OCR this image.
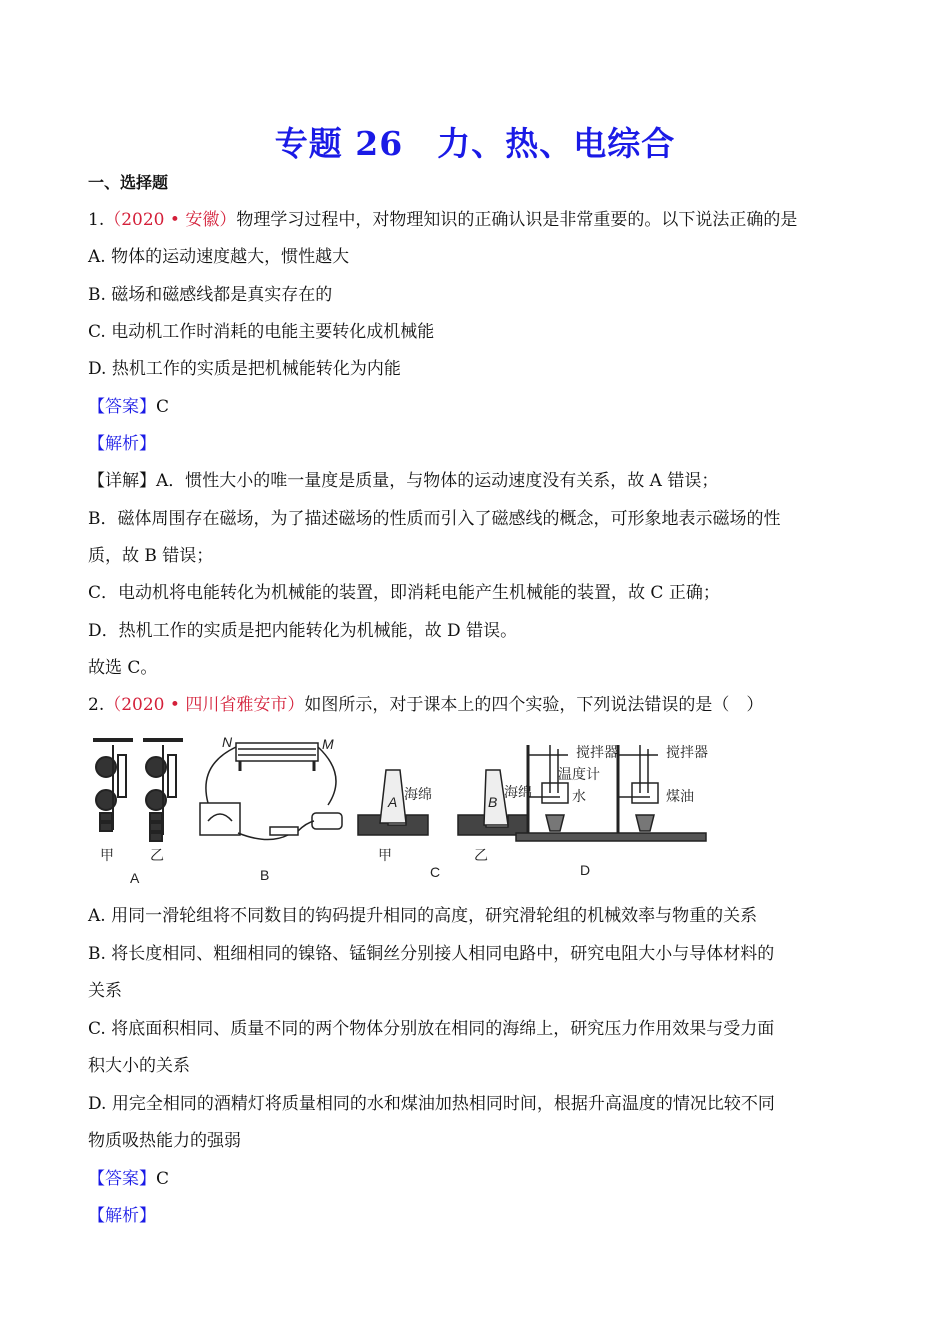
专题 26　力、热、电综合
一、选择题
1.（2020 • 安徽）物理学习过程中，对物理知识的正确认识是非常重要的。以下说法正确的是
A. 物体的运动速度越大，惯性越大
B. 磁场和磁感线都是真实存在的
C. 电动机工作时消耗的电能主要转化成机械能
D. 热机工作的实质是把机械能转化为内能
【答案】C
【解析】
【详解】A．惯性大小的唯一量度是质量，与物体的运动速度没有关系，故 A 错误；
B．磁体周围存在磁场，为了描述磁场的性质而引入了磁感线的概念，可形象地表示磁场的性
质，故 B 错误；
C．电动机将电能转化为机械能的装置，即消耗电能产生机械能的装置，故 C 正确；
D．热机工作的实质是把内能转化为机械能，故 D 错误。
故选 C。
2.（2020 • 四川省雅安市）如图所示，对于课本上的四个实验，下列说法错误的是（　）
甲	乙
A
N	M
B
A	B
海绵	海绵
甲	乙
C
搅拌器
温度计
水
搅拌器
煤油
D
A. 用同一滑轮组将不同数目的钩码提升相同的高度，研究滑轮组的机械效率与物重的关系
B. 将长度相同、粗细相同的镍铬、锰铜丝分别接人相同电路中，研究电阻大小与导体材料的
关系
C. 将底面积相同、质量不同的两个物体分别放在相同的海绵上，研究压力作用效果与受力面
积大小的关系
D. 用完全相同的酒精灯将质量相同的水和煤油加热相同时间，根据升高温度的情况比较不同
物质吸热能力的强弱
【答案】C
【解析】
